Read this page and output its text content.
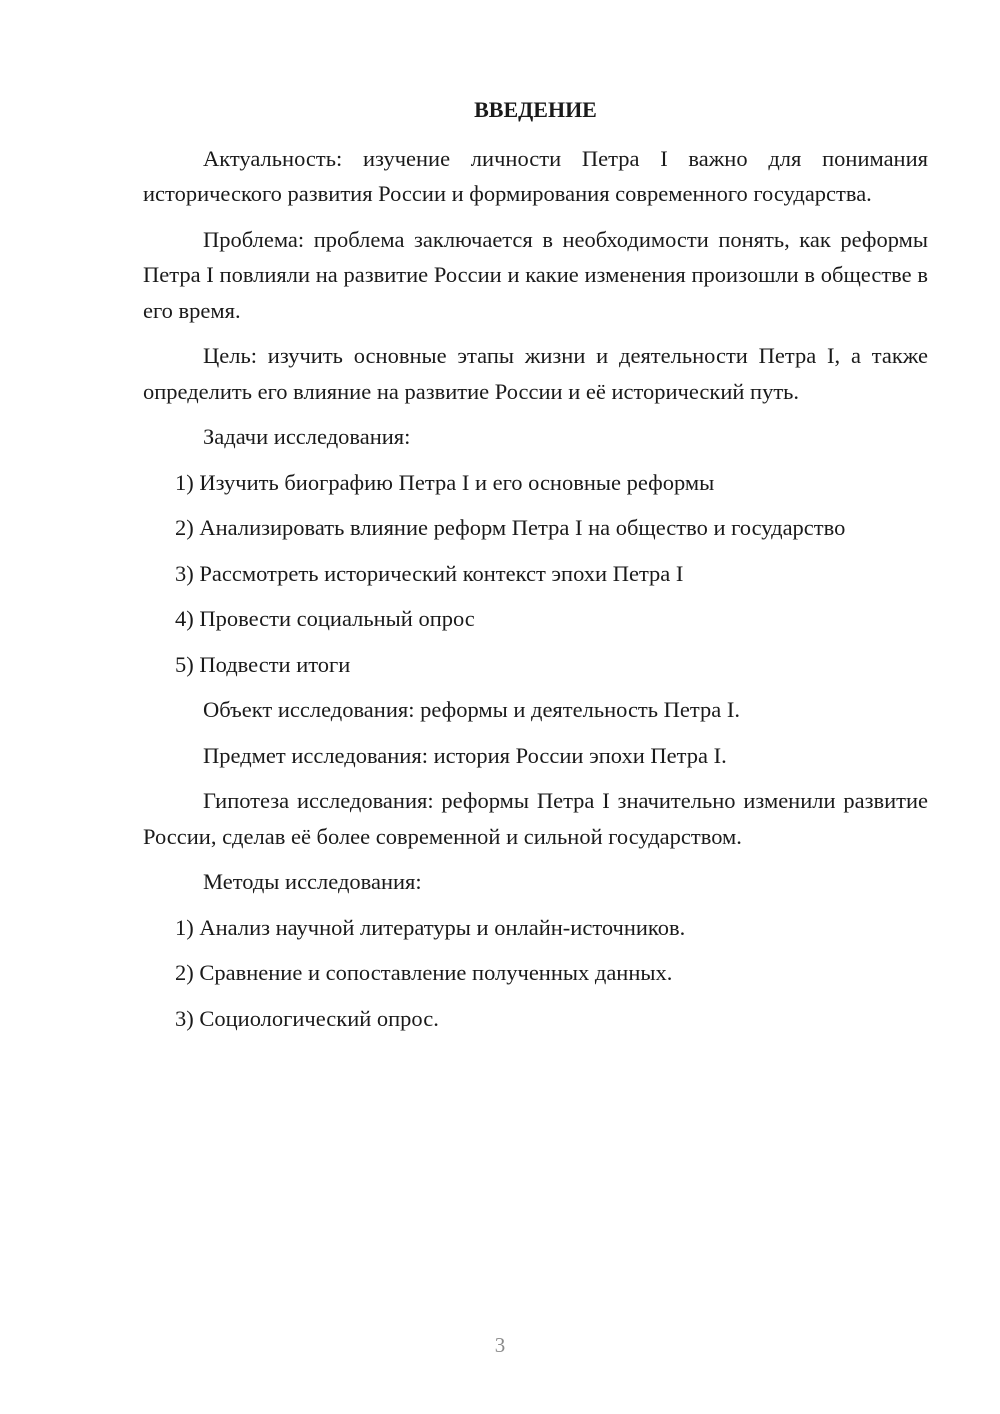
ВВЕДЕНИЕ

Актуальность: изучение личности Петра I важно для понимания исторического развития России и формирования современного государства.

Проблема: проблема заключается в необходимости понять, как реформы Петра I повлияли на развитие России и какие изменения произошли в обществе в его время.

Цель: изучить основные этапы жизни и деятельности Петра I, а также определить его влияние на развитие России и её исторический путь.

Задачи исследования:

1) Изучить биографию Петра I и его основные реформы
2) Анализировать влияние реформ Петра I на общество и государство
3) Рассмотреть исторический контекст эпохи Петра I
4) Провести социальный опрос
5) Подвести итоги

Объект исследования: реформы и деятельность Петра I.

Предмет исследования: история России эпохи Петра I.

Гипотеза исследования: реформы Петра I значительно изменили развитие России, сделав её более современной и сильной государством.

Методы исследования:

1) Анализ научной литературы и онлайн-источников.
2) Сравнение и сопоставление полученных данных.
3) Социологический опрос.
3
